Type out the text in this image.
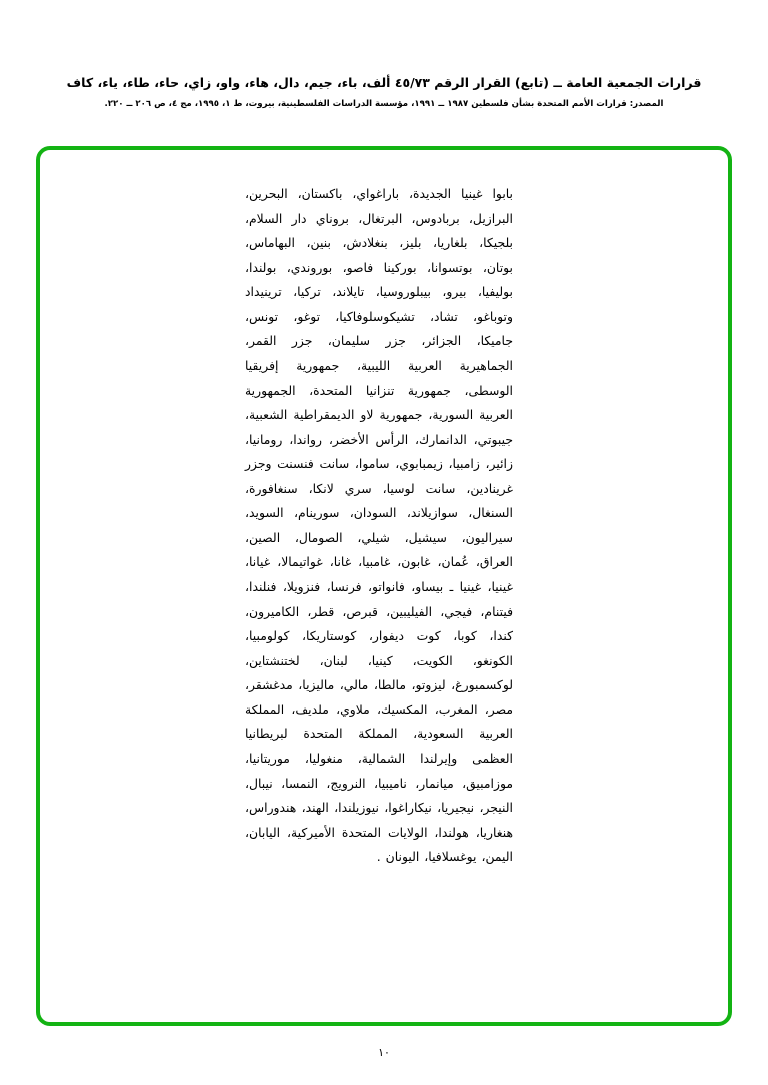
قرارات الجمعية العامة ــ (تابع) القرار الرقم ٤٥/٧٣ ألف، باء، جيم، دال، هاء، واو، زاي، حاء، طاء، ياء، كاف
المصدر: قرارات الأمم المتحدة بشأن فلسطين ١٩٨٧ ــ ١٩٩١، مؤسسة الدراسات الفلسطينية، بيروت، ط ١، ١٩٩٥، مج ٤، ص ٢٠٦ ــ ٢٢٠.
بابوا غينيا الجديدة، باراغواي، باكستان، البحرين، البرازيل، بربادوس، البرتغال، بروناي دار السلام، بلجيكا، بلغاريا، بليز، بنغلادش، بنين، البهاماس، بوتان، بوتسوانا، بوركينا فاصو، بوروندي، بولندا، بوليفيا، بيرو، بيبلوروسيا، تايلاند، تركيا، ترينيداد وتوباغو، تشاد، تشيكوسلوفاكيا، توغو، تونس، جاميكا، الجزائر، جزر سليمان، جزر القمر، الجماهيرية العربية الليبية، جمهورية إفريقيا الوسطى، جمهورية تنزانيا المتحدة، الجمهورية العربية السورية، جمهورية لاو الديمقراطية الشعبية، جيبوتي، الدانمارك، الرأس الأخضر، رواندا، رومانيا، زائير، زامبيا، زيمبابوي، ساموا، سانت فنسنت وجزر غرينادين، سانت لوسيا، سري لانكا، سنغافورة، السنغال، سوازيلاند، السودان، سورينام، السويد، سيراليون، سيشيل، شيلي، الصومال، الصين، العراق، عُمان، غابون، غامبيا، غانا، غواتيمالا، غيانا، غينيا، غينيا ـ بيساو، فانواتو، فرنسا، فنزويلا، فنلندا، فيتنام، فيجي، الفيليبين، قبرص، قطر، الكاميرون، كندا، كوبا، كوت ديفوار، كوستاريكا، كولومبيا، الكونغو، الكويت، كينيا، لبنان، لختنشتاين، لوكسمبورغ، ليزوتو، مالطا، مالي، ماليزيا، مدغشقر، مصر، المغرب، المكسيك، ملاوي، ملديف، المملكة العربية السعودية، المملكة المتحدة لبريطانيا العظمى وإيرلندا الشمالية، منغوليا، موريتانيا، موزامبيق، ميانمار، ناميبيا، النرويج، النمسا، نيبال، النيجر، نيجيريا، نيكاراغوا، نيوزيلندا، الهند، هندوراس، هنغاريا، هولندا، الولايات المتحدة الأميركية، اليابان، اليمن، يوغسلافيا، اليونان .
١٠
